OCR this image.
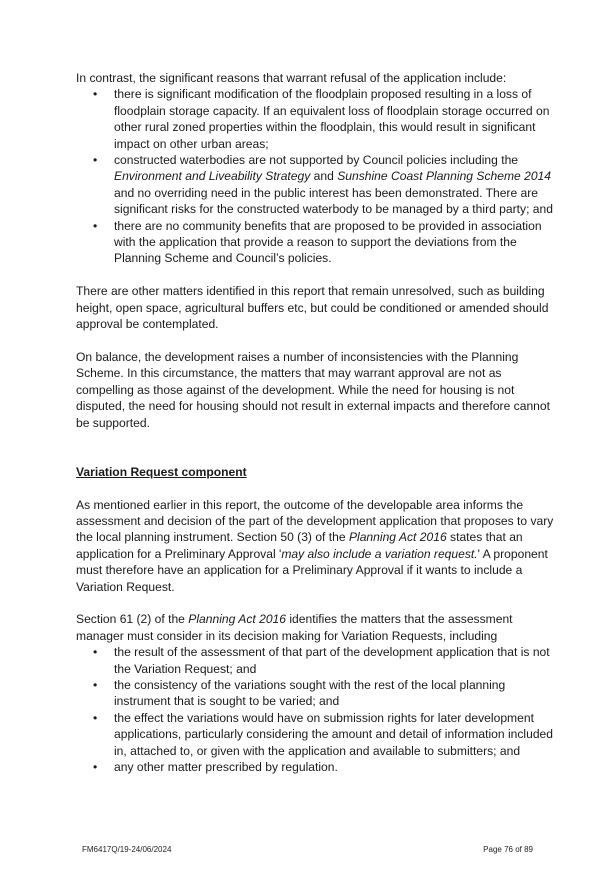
In contrast, the significant reasons that warrant refusal of the application include:

• there is significant modification of the floodplain proposed resulting in a loss of floodplain storage capacity. If an equivalent loss of floodplain storage occurred on other rural zoned properties within the floodplain, this would result in significant impact on other urban areas;
• constructed waterbodies are not supported by Council policies including the Environment and Liveability Strategy and Sunshine Coast Planning Scheme 2014 and no overriding need in the public interest has been demonstrated. There are significant risks for the constructed waterbody to be managed by a third party; and
• there are no community benefits that are proposed to be provided in association with the application that provide a reason to support the deviations from the Planning Scheme and Council’s policies.

There are other matters identified in this report that remain unresolved, such as building height, open space, agricultural buffers etc, but could be conditioned or amended should approval be contemplated.

On balance, the development raises a number of inconsistencies with the Planning Scheme. In this circumstance, the matters that may warrant approval are not as compelling as those against of the development. While the need for housing is not disputed, the need for housing should not result in external impacts and therefore cannot be supported.

Variation Request component

As mentioned earlier in this report, the outcome of the developable area informs the assessment and decision of the part of the development application that proposes to vary the local planning instrument. Section 50 (3) of the Planning Act 2016 states that an application for a Preliminary Approval 'may also include a variation request.' A proponent must therefore have an application for a Preliminary Approval if it wants to include a Variation Request.

Section 61 (2) of the Planning Act 2016 identifies the matters that the assessment manager must consider in its decision making for Variation Requests, including

• the result of the assessment of that part of the development application that is not the Variation Request; and
• the consistency of the variations sought with the rest of the local planning instrument that is sought to be varied; and
• the effect the variations would have on submission rights for later development applications, particularly considering the amount and detail of information included in, attached to, or given with the application and available to submitters; and
• any other matter prescribed by regulation.
FM6417Q/19-24/06/2024	Page 76 of 89
